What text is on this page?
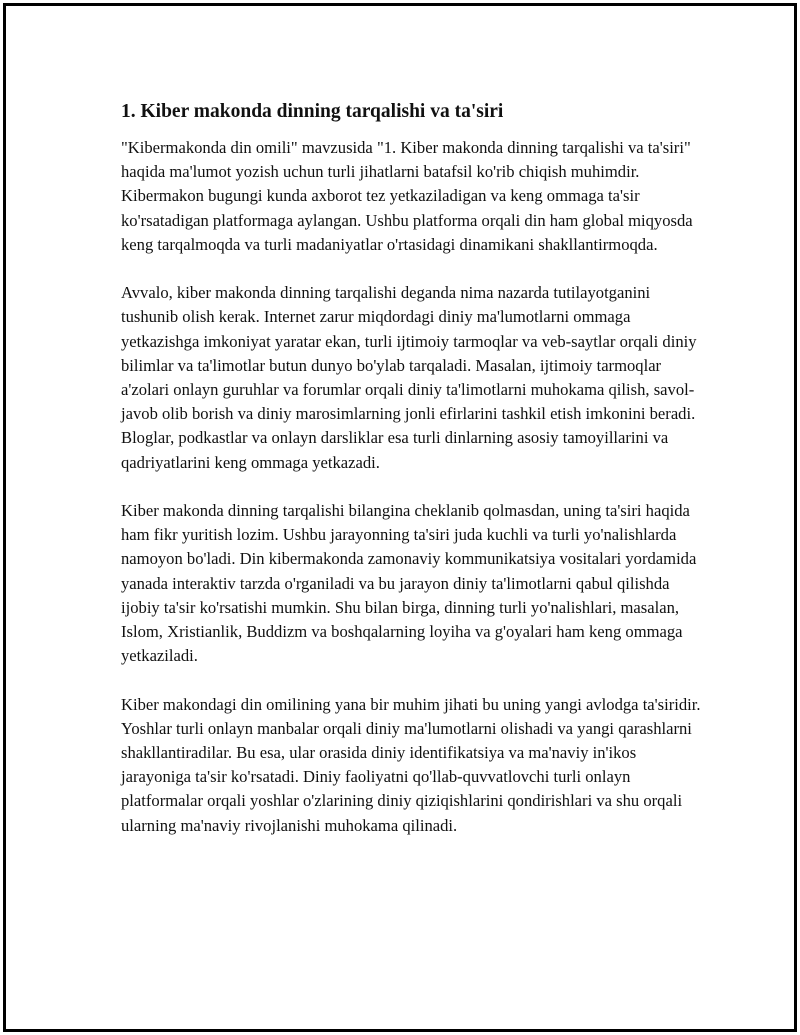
1. Kiber makonda dinning tarqalishi va ta'siri

"Kibermakonda din omili" mavzusida "1. Kiber makonda dinning tarqalishi va ta'siri" haqida ma'lumot yozish uchun turli jihatlarni batafsil ko'rib chiqish muhimdir. Kibermakon bugungi kunda axborot tez yetkaziladigan va keng ommaga ta'sir ko'rsatadigan platformaga aylangan. Ushbu platforma orqali din ham global miqyosda keng tarqalmoqda va turli madaniyatlar o'rtasidagi dinamikani shakllantirmoqda.

Avvalo, kiber makonda dinning tarqalishi deganda nima nazarda tutilayotganini tushunib olish kerak. Internet zarur miqdordagi diniy ma'lumotlarni ommaga yetkazishga imkoniyat yaratar ekan, turli ijtimoiy tarmoqlar va veb-saytlar orqali diniy bilimlar va ta'limotlar butun dunyo bo'ylab tarqaladi. Masalan, ijtimoiy tarmoqlar a'zolari onlayn guruhlar va forumlar orqali diniy ta'limotlarni muhokama qilish, savol-javob olib borish va diniy marosimlarning jonli efirlarini tashkil etish imkonini beradi. Bloglar, podkastlar va onlayn darsliklar esa turli dinlarning asosiy tamoyillarini va qadriyatlarini keng ommaga yetkazadi.

Kiber makonda dinning tarqalishi bilangina cheklanib qolmasdan, uning ta'siri haqida ham fikr yuritish lozim. Ushbu jarayonning ta'siri juda kuchli va turli yo'nalishlarda namoyon bo'ladi. Din kibermakonda zamonaviy kommunikatsiya vositalari yordamida yanada interaktiv tarzda o'rganiladi va bu jarayon diniy ta'limotlarni qabul qilishda ijobiy ta'sir ko'rsatishi mumkin. Shu bilan birga, dinning turli yo'nalishlari, masalan, Islom, Xristianlik, Buddizm va boshqalarning loyiha va g'oyalari ham keng ommaga yetkaziladi.

Kiber makondagi din omilining yana bir muhim jihati bu uning yangi avlodga ta'siridir. Yoshlar turli onlayn manbalar orqali diniy ma'lumotlarni olishadi va yangi qarashlarni shakllantiradilar. Bu esa, ular orasida diniy identifikatsiya va ma'naviy in'ikos jarayoniga ta'sir ko'rsatadi. Diniy faoliyatni qo'llab-quvvatlovchi turli onlayn platformalar orqali yoshlar o'zlarining diniy qiziqishlarini qondirishlari va shu orqali ularning ma'naviy rivojlanishi muhokama qilinadi.
